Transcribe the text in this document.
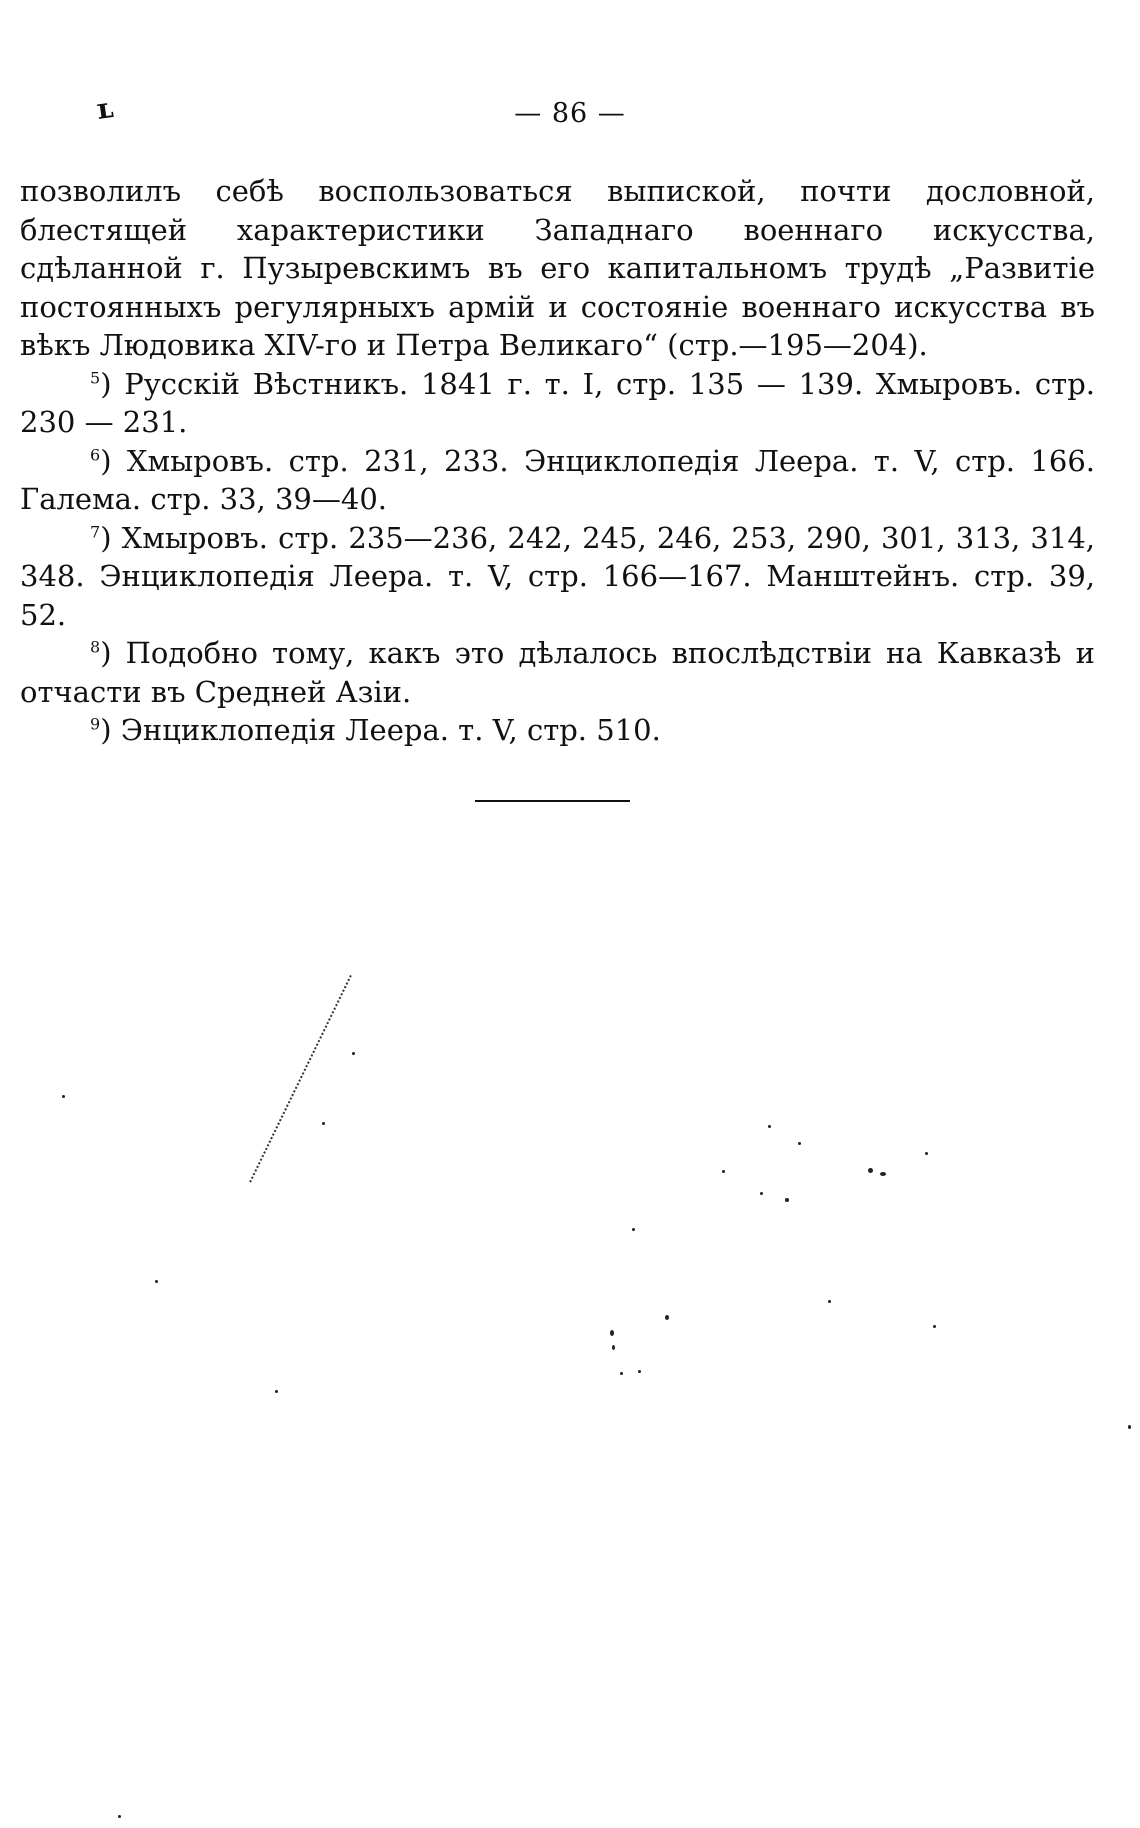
ʟ	— 86 —

позволилъ себѣ воспользоваться выпиской, почти дословной, блестящей характеристики Западнаго военнаго искусства, сдѣланной г. Пузыревскимъ въ его капитальномъ трудѣ „Развитіе постоянныхъ регулярныхъ армій и состояніе военнаго искусства въ вѣкъ Людовика XIV-го и Петра Великаго“ (стр.—195—204).

$^5$) Русскій Вѣстникъ. 1841 г. т. I, стр. 135 — 139. Хмыровъ. стр. 230 — 231.

$^6$) Хмыровъ. стр. 231, 233. Энциклопедія Леера. т. V, стр. 166. Галема. стр. 33, 39—40.

$^7$) Хмыровъ. стр. 235—236, 242, 245, 246, 253, 290, 301, 313, 314, 348. Энциклопедія Леера. т. V, стр. 166—167. Манштейнъ. стр. 39, 52.

$^8$) Подобно тому, какъ это дѣлалось впослѣдствіи на Кавказѣ и отчасти въ Средней Азіи.

$^9$) Энциклопедія Леера. т. V, стр. 510.
